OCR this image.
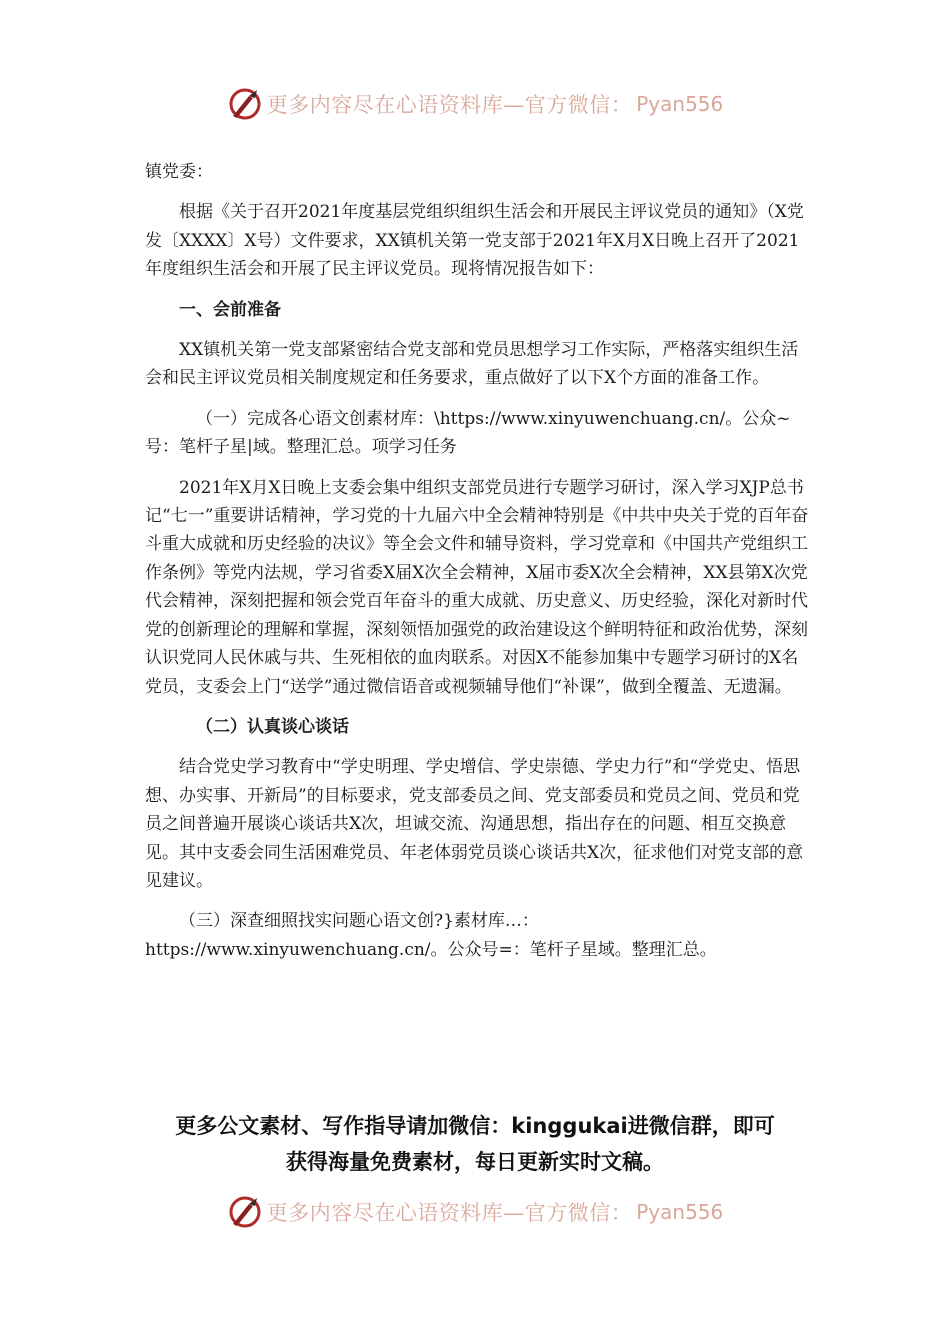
更多内容尽在心语资料库—官方微信： Pyan556

镇党委：

根据《关于召开2021年度基层党组织组织生活会和开展民主评议党员的通知》（X党发〔XXXX〕X号）文件要求，XX镇机关第一党支部于2021年X月X日晚上召开了2021年度组织生活会和开展了民主评议党员。现将情况报告如下：

一、会前准备

XX镇机关第一党支部紧密结合党支部和党员思想学习工作实际，严格落实组织生活会和民主评议党员相关制度规定和任务要求，重点做好了以下X个方面的准备工作。

（一）完成各心语文创素材库：\https://www.xinyuwenchuang.cn/。公众~号：笔杆子星|域。整理汇总。项学习任务

2021年X月X日晚上支委会集中组织支部党员进行专题学习研讨，深入学习XJP总书记“七一”重要讲话精神，学习党的十九届六中全会精神特别是《中共中央关于党的百年奋斗重大成就和历史经验的决议》等全会文件和辅导资料，学习党章和《中国共产党组织工作条例》等党内法规，学习省委X届X次全会精神，X届市委X次全会精神，XX县第X次党代会精神，深刻把握和领会党百年奋斗的重大成就、历史意义、历史经验，深化对新时代党的创新理论的理解和掌握，深刻领悟加强党的政治建设这个鲜明特征和政治优势，深刻认识党同人民休戚与共、生死相依的血肉联系。对因X不能参加集中专题学习研讨的X名党员，支委会上门“送学”通过微信语音或视频辅导他们“补课”，做到全覆盖、无遗漏。

（二）认真谈心谈话

结合党史学习教育中“学史明理、学史增信、学史崇德、学史力行”和“学党史、悟思想、办实事、开新局”的目标要求，党支部委员之间、党支部委员和党员之间、党员和党员之间普遍开展谈心谈话共X次，坦诚交流、沟通思想，指出存在的问题、相互交换意见。其中支委会同生活困难党员、年老体弱党员谈心谈话共X次，征求他们对党支部的意见建议。

（三）深查细照找实问题心语文创?}素材库…：https://www.xinyuwenchuang.cn/。公众号=：笔杆子星域。整理汇总。

更多公文素材、写作指导请加微信：kinggukai进微信群，即可
获得海量免费素材，每日更新实时文稿。
更多内容尽在心语资料库—官方微信： Pyan556
